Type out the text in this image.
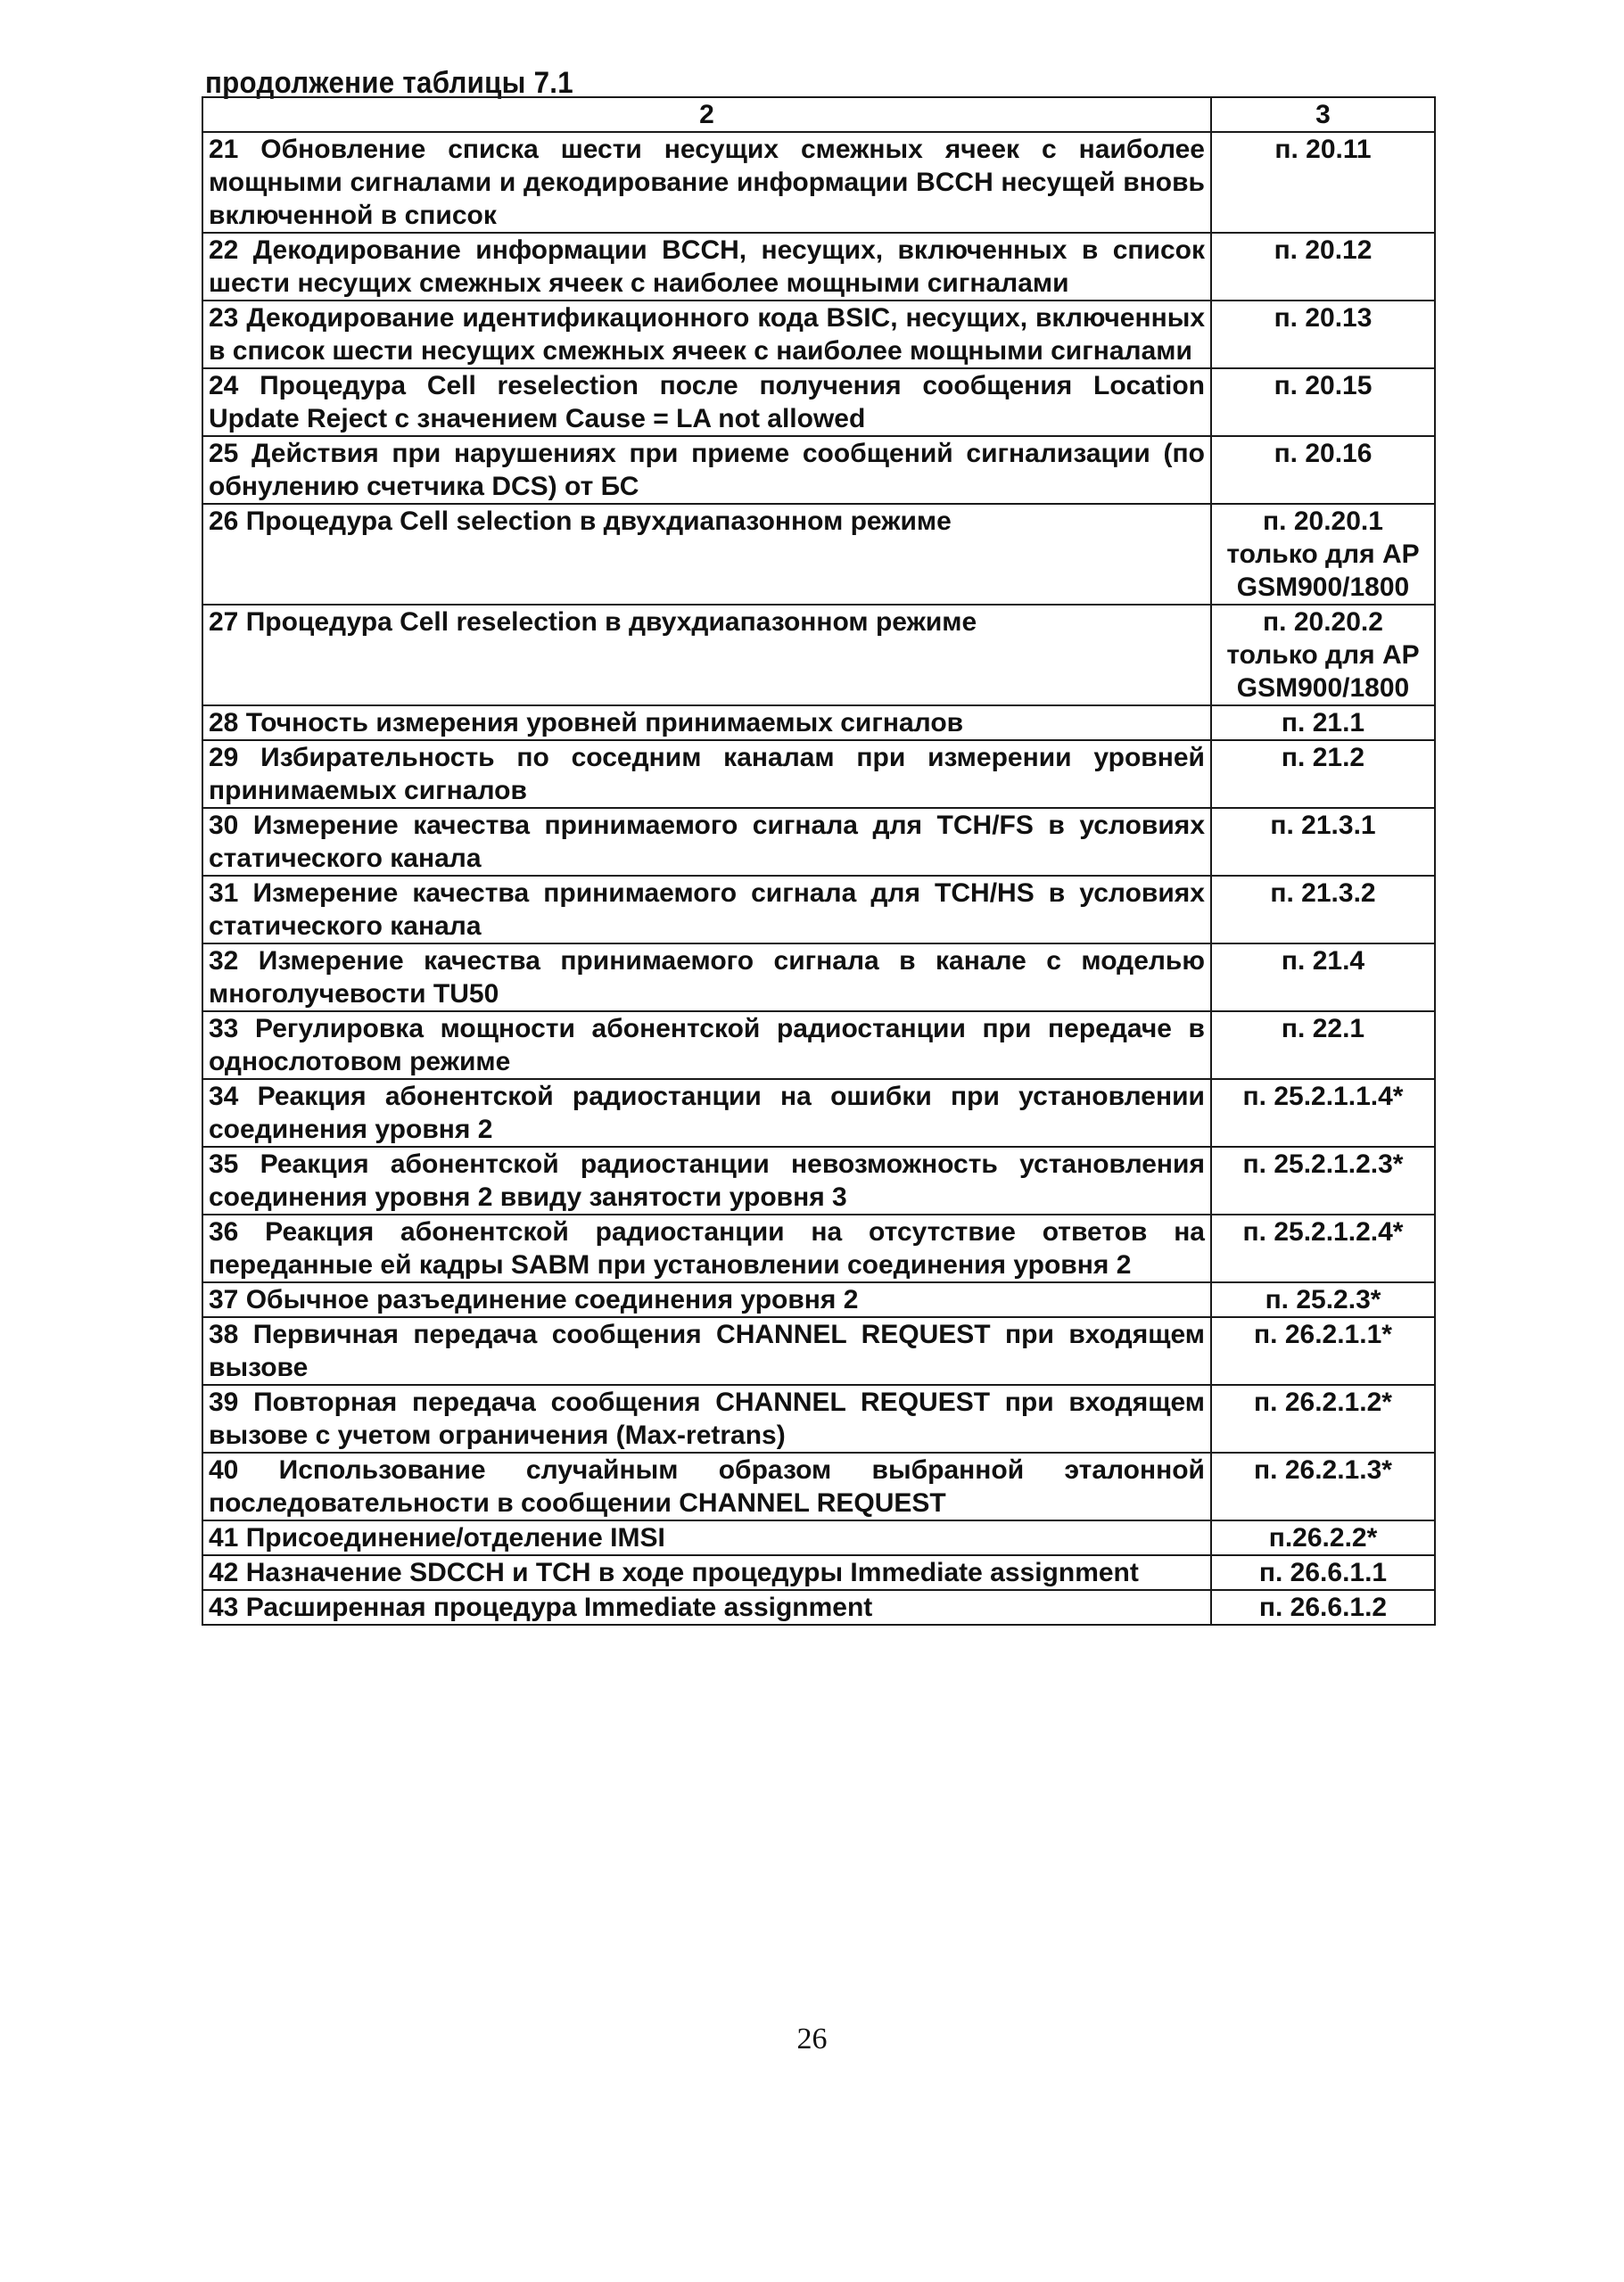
продолжение таблицы 7.1
2	3
21 Обновление списка шести несущих смежных ячеек с наиболее мощными сигналами и декодирование информации BCCH несущей вновь включенной в список	п. 20.11
22 Декодирование информации BCCH, несущих, включенных в список шести несущих смежных ячеек с наиболее мощными сигналами	п. 20.12
23 Декодирование идентификационного кода BSIC, несущих, включенных в список шести несущих смежных ячеек с наиболее мощными сигналами	п. 20.13
24 Процедура Cell reselection после получения сообщения Location Update Reject с значением Cause = LA not allowed	п. 20.15
25 Действия при нарушениях при приеме сообщений сигнализации (по обнулению счетчика DCS) от БС	п. 20.16
26 Процедура Cell selection в двухдиапазонном режиме	п. 20.20.1 только для АР GSM900/1800
27 Процедура Cell reselection в двухдиапазонном режиме	п. 20.20.2 только для АР GSM900/1800
28 Точность измерения уровней принимаемых сигналов	п. 21.1
29 Избирательность по соседним каналам при измерении уровней принимаемых сигналов	п. 21.2
30 Измерение качества принимаемого сигнала для TCH/FS в условиях статического канала	п. 21.3.1
31 Измерение качества принимаемого сигнала для TCH/HS в условиях статического канала	п. 21.3.2
32 Измерение качества принимаемого сигнала в канале с моделью многолучевости TU50	п. 21.4
33 Регулировка мощности абонентской радиостанции при передаче в однослотовом режиме	п. 22.1
34 Реакция абонентской радиостанции на ошибки при установлении соединения уровня 2	п. 25.2.1.1.4*
35 Реакция абонентской радиостанции невозможность установления соединения уровня 2 ввиду занятости уровня 3	п. 25.2.1.2.3*
36 Реакция абонентской радиостанции на отсутствие ответов на переданные ей кадры SABM при установлении соединения уровня 2	п. 25.2.1.2.4*
37 Обычное разъединение соединения уровня 2	п. 25.2.3*
38 Первичная передача сообщения CHANNEL REQUEST при входящем вызове	п. 26.2.1.1*
39 Повторная передача сообщения CHANNEL REQUEST при входящем вызове с учетом ограничения (Max-retrans)	п. 26.2.1.2*
40 Использование случайным образом выбранной эталонной последовательности в сообщении CHANNEL REQUEST	п. 26.2.1.3*
41 Присоединение/отделение IMSI	п.26.2.2*
42 Назначение SDCCH и TCH в ходе процедуры Immediate assignment	п. 26.6.1.1
43 Расширенная процедура Immediate assignment	п. 26.6.1.2
26
